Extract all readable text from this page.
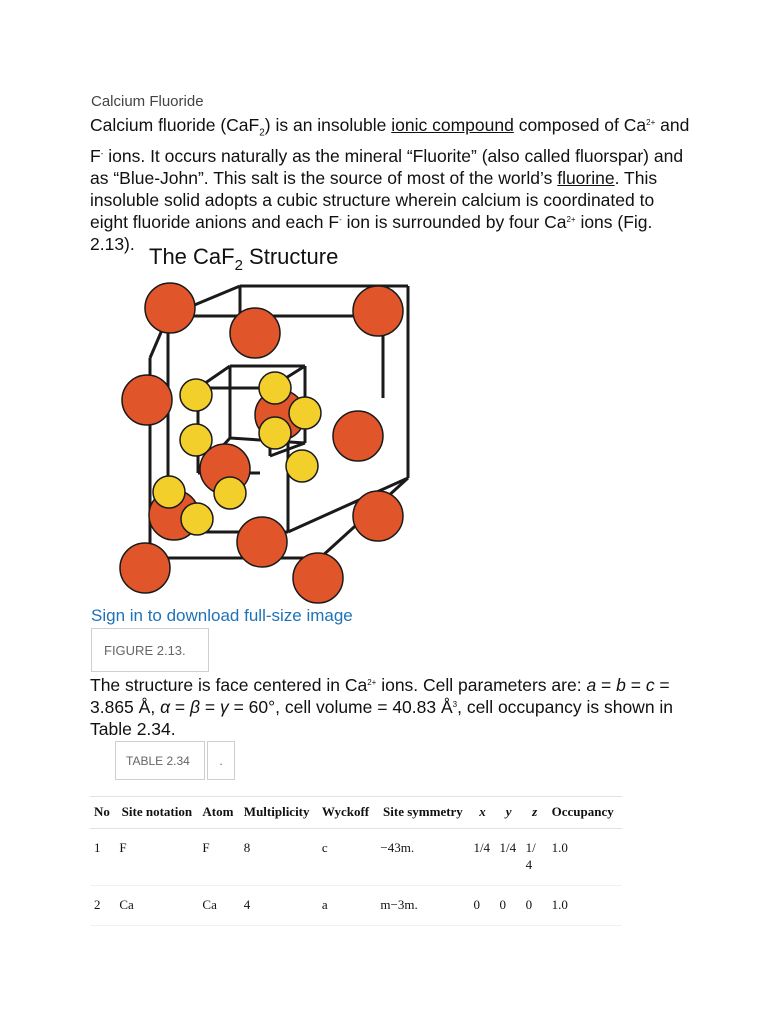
Calcium Fluoride
Calcium fluoride (CaF$_2$) is an insoluble ionic compound composed of $Ca^{2+}$ and F- ions. It occurs naturally as the mineral “Fluorite” (also called fluorspar) and as “Blue-John”. This salt is the source of most of the world’s fluorine. This insoluble solid adopts a cubic structure wherein calcium is coordinated to eight fluoride anions and each F- ion is surrounded by four $Ca^{2+}$ ions (Fig. 2.13).
The CaF$_2$ Structure
Sign in to download full-size image
FIGURE 2.13.
The structure is face centered in $Ca^{2+}$ ions. Cell parameters are: a = b = c = 3.865 Å, α = β = γ = 60°, cell volume = 40.83 $Å^3$, cell occupancy is shown in Table 2.34.
TABLE 2.34	.
No	Site notation	Atom	Multiplicity	Wyckoff	Site symmetry	x	y	z	Occupancy
1	F	F	8	c	−43m.	1/4	1/4	1/ 4	1.0
2	Ca	Ca	4	a	m−3m.	0	0	0	1.0
